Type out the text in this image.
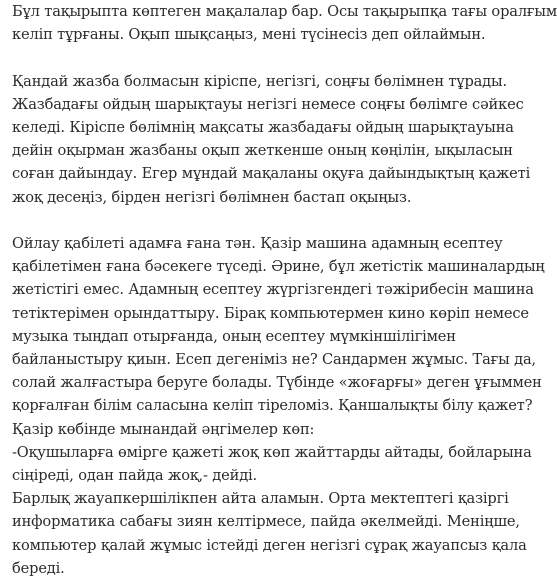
Бұл тақырыпта көптеген мақалалар бар. Осы тақырыпқа тағы оралғым
келіп тұрғаны. Оқып шықсаңыз, мені түсінесіз деп ойлаймын.

Қандай жазба болмасын кіріспе, негізгі, соңғы бөлімнен тұрады.
Жазбадағы ойдың шарықтауы негізгі немесе соңғы бөлімге сәйкес
келеді. Кіріспе бөлімнің мақсаты жазбадағы ойдың шарықтауына
дейін оқырман жазбаны оқып жеткенше оның көңілін, ықыласын
соған дайындау. Егер мұндай мақаланы оқуға дайындықтың қажеті
жоқ десеңіз, бірден негізгі бөлімнен бастап оқыңыз.

Ойлау қабілеті адамға ғана тән. Қазір машина адамның есептеу
қабілетімен ғана бәсекеге түседі. Әрине, бұл жетістік машиналардың
жетістігі емес. Адамның есептеу жүргізгендегі тәжірибесін машина
тетіктерімен орындаттыру. Бірақ компьютермен кино көріп немесе
музыка тыңдап отырғанда, оның есептеу мүмкіншілігімен
байланыстыру қиын. Есеп дегеніміз не? Сандармен жұмыс. Тағы да,
солай жалғастыра беруге болады. Түбінде «жоғарғы» деген ұғыммен
қорғалған білім саласына келіп тіреломіз. Қаншалықты білу қажет?
Қазір көбінде мынандай әңгімелер көп:
-Оқушыларға өмірге қажеті жоқ көп жайттарды айтады, бойларына
сіңіреді, одан пайда жоқ,- дейді.
Барлық жауапкершілікпен айта аламын. Орта мектептегі қазіргі
информатика сабағы зиян келтірмесе, пайда әкелмейді. Меніңше,
компьютер қалай жұмыс істейді деген негізгі сұрақ жауапсыз қала
береді.
